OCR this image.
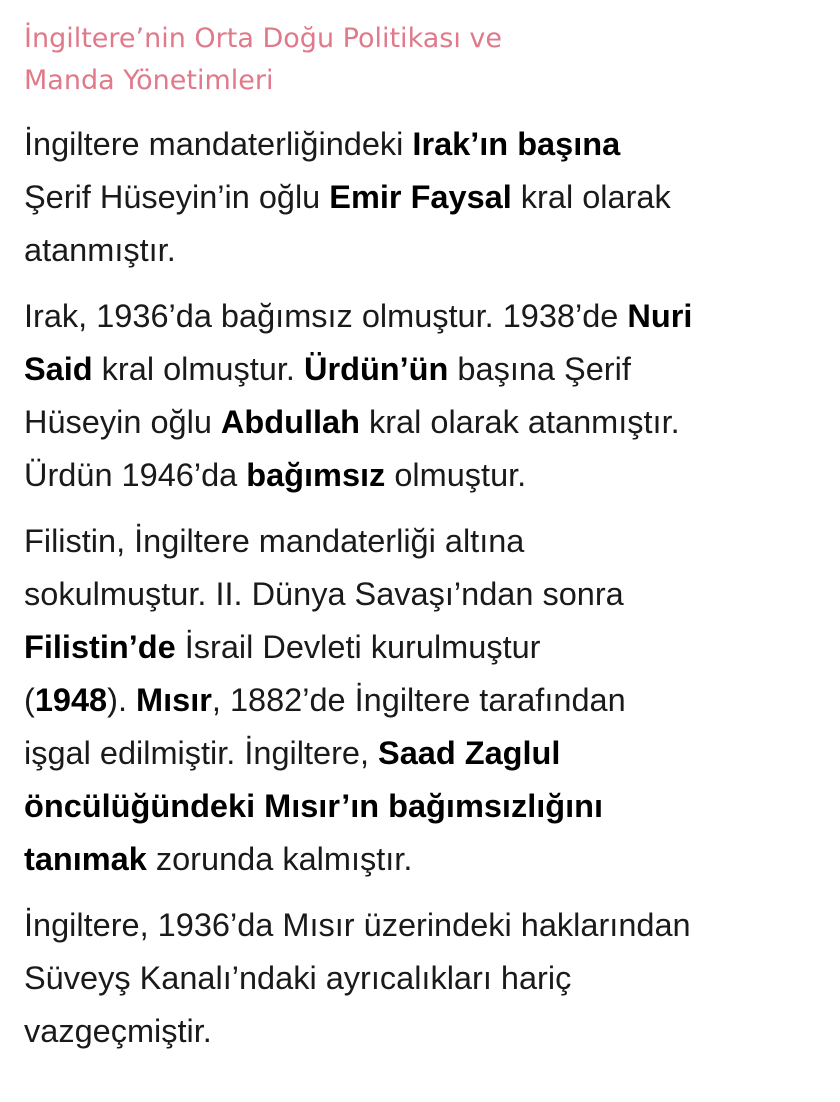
İngiltere’nin Orta Doğu Politikası ve
Manda Yönetimleri

İngiltere mandaterliğindeki Irak’ın başına
Şerif Hüseyin’in oğlu Emir Faysal kral olarak
atanmıştır.

Irak, 1936’da bağımsız olmuştur. 1938’de Nuri
Said kral olmuştur. Ürdün’ün başına Şerif
Hüseyin oğlu Abdullah kral olarak atanmıştır.
Ürdün 1946’da bağımsız olmuştur.

Filistin, İngiltere mandaterliği altına
sokulmuştur. II. Dünya Savaşı’ndan sonra
Filistin’de İsrail Devleti kurulmuştur
(1948). Mısır, 1882’de İngiltere tarafından
işgal edilmiştir. İngiltere, Saad Zaglul
öncülüğündeki Mısır’ın bağımsızlığını
tanımak zorunda kalmıştır.

İngiltere, 1936’da Mısır üzerindeki haklarından
Süveyş Kanalı’ndaki ayrıcalıkları hariç
vazgeçmiştir.
